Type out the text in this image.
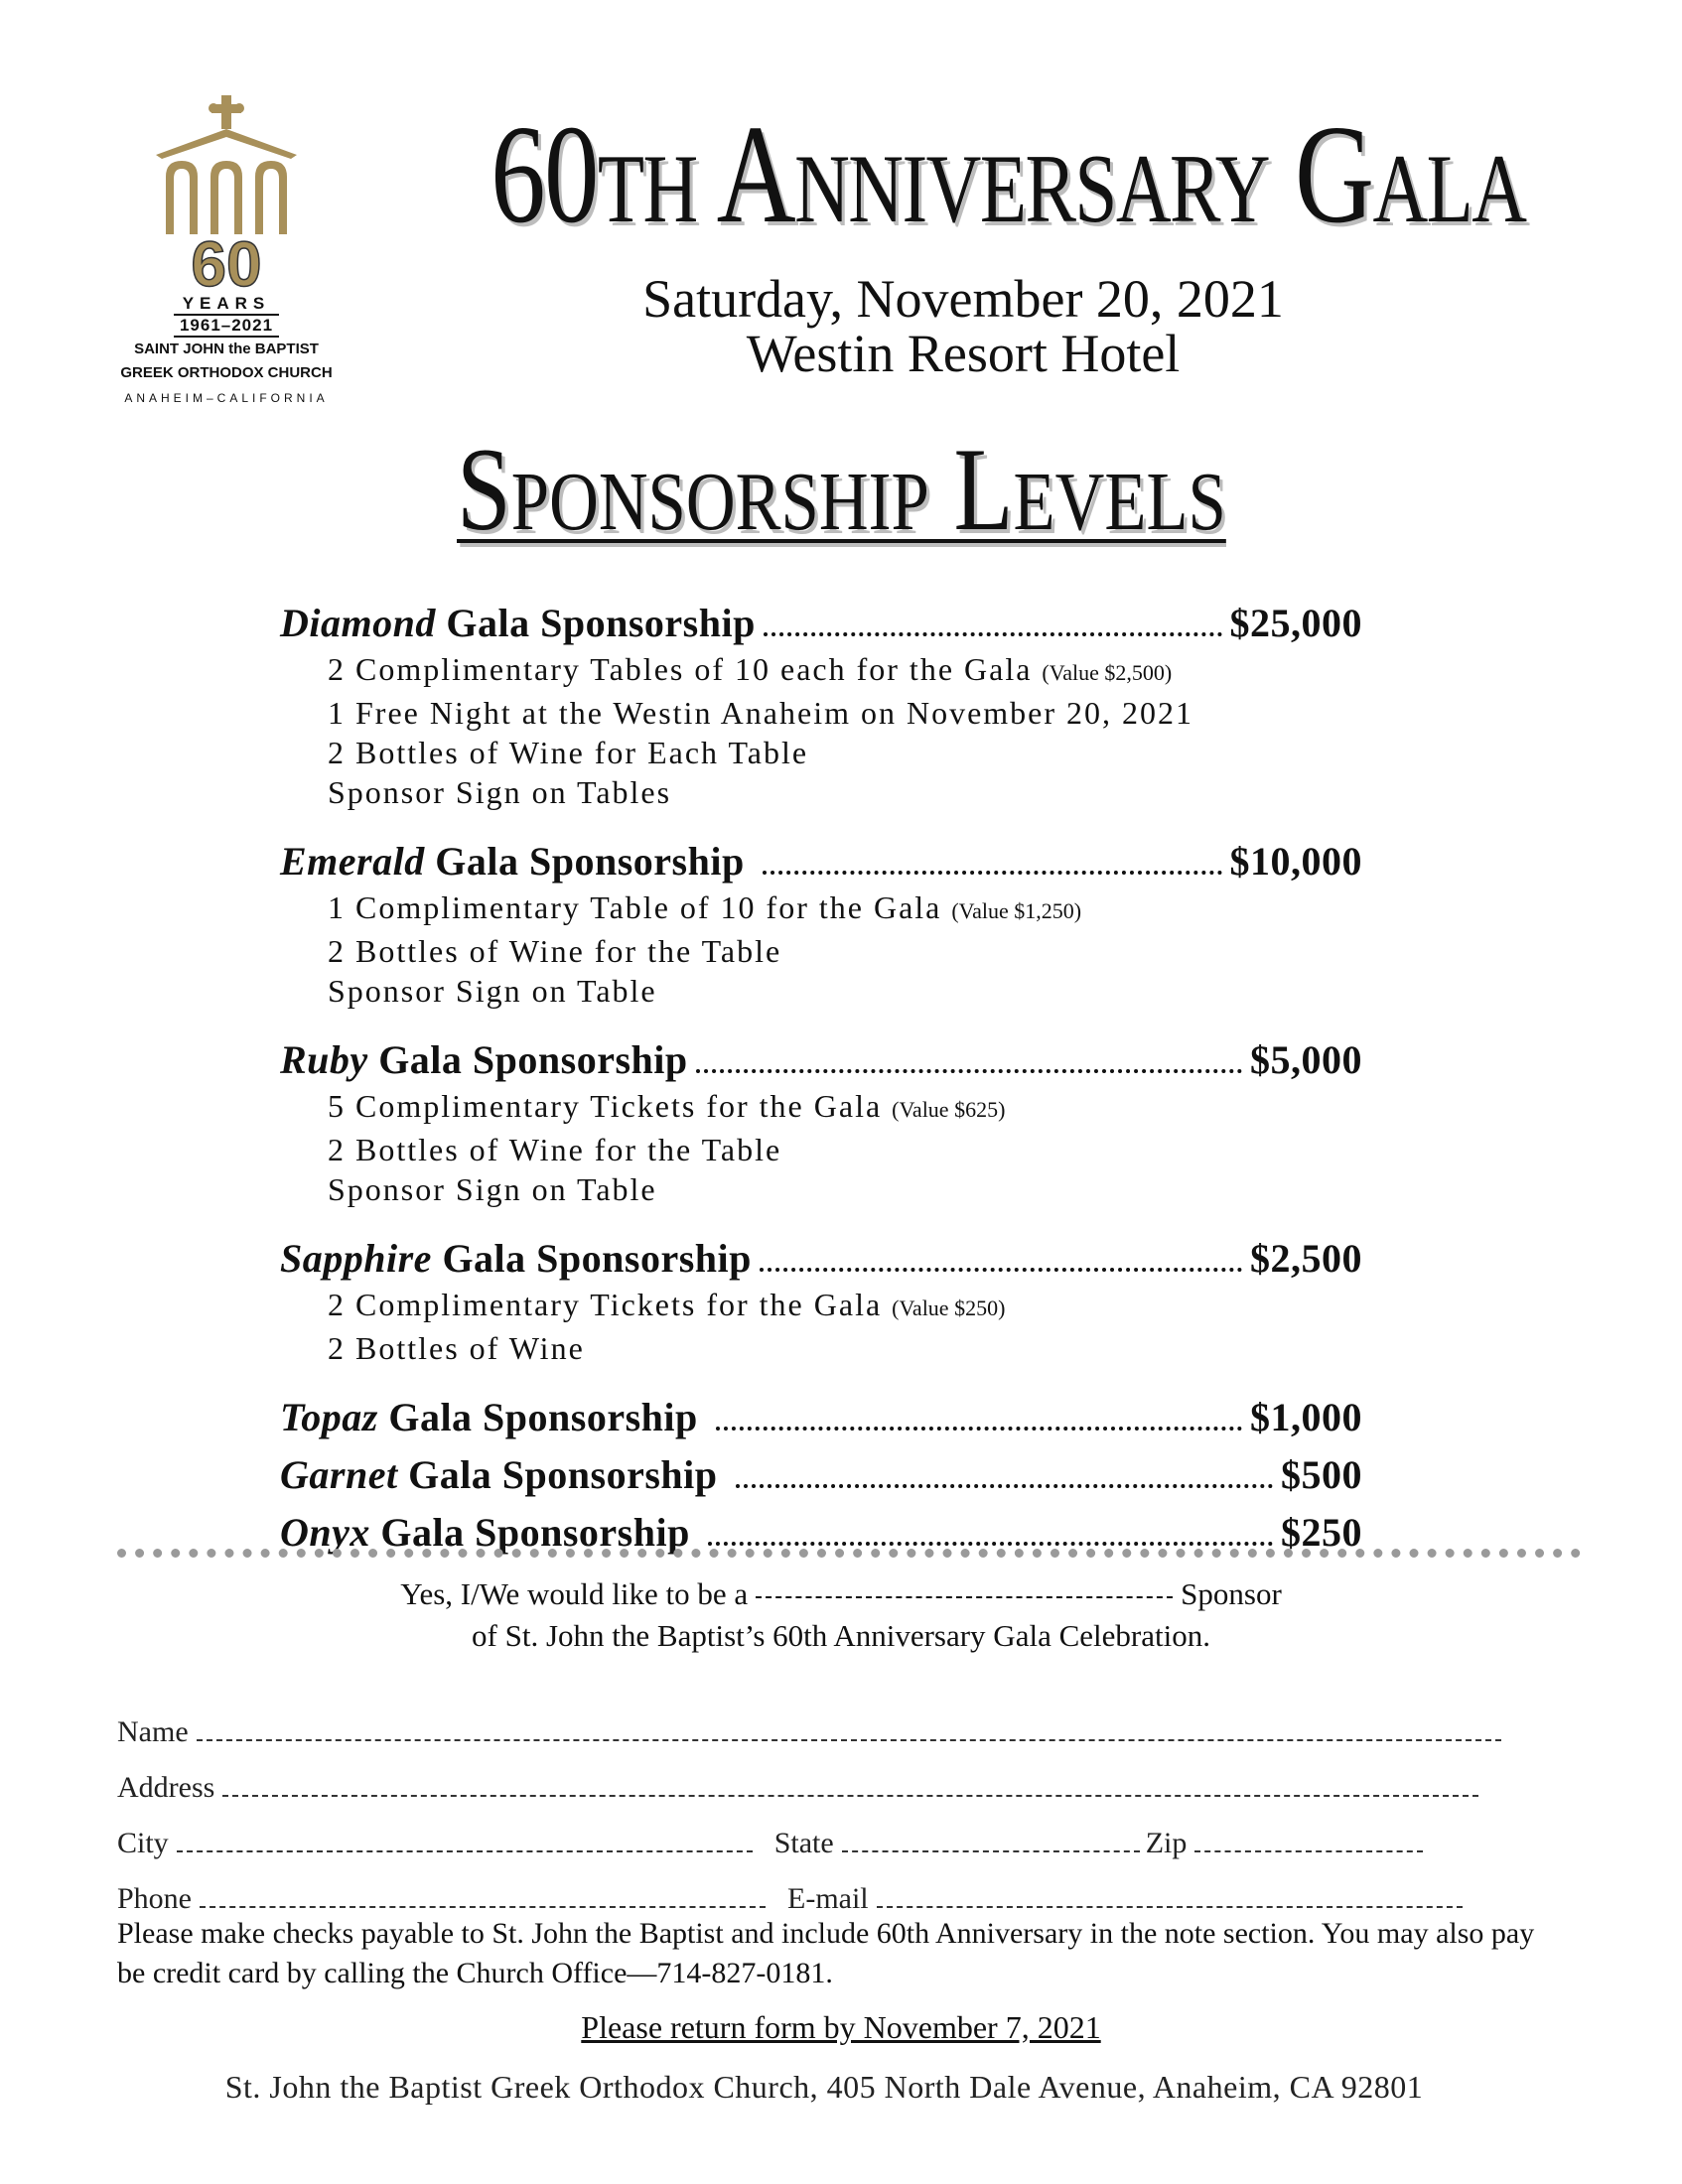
60
YEARS
1961–2021
SAINT JOHN the BAPTIST
GREEK ORTHODOX CHURCH
ANAHEIM–CALIFORNIA
60th Anniversary Gala
Saturday, November 20, 2021
Westin Resort Hotel
Sponsorship Levels
Diamond Gala Sponsorship	$25,000
2 Complimentary Tables of 10 each for the Gala (Value $2,500)
1 Free Night at the Westin Anaheim on November 20, 2021
2 Bottles of Wine for Each Table
Sponsor Sign on Tables
Emerald Gala Sponsorship	$10,000
1 Complimentary Table of 10 for the Gala (Value $1,250)
2 Bottles of Wine for the Table
Sponsor Sign on Table
Ruby Gala Sponsorship	$5,000
5 Complimentary Tickets for the Gala (Value $625)
2 Bottles of Wine for the Table
Sponsor Sign on Table
Sapphire Gala Sponsorship	$2,500
2 Complimentary Tickets for the Gala (Value $250)
2 Bottles of Wine
Topaz Gala Sponsorship	$1,000
Garnet Gala Sponsorship	$500
Onyx Gala Sponsorship	$250
Yes, I/We would like to be a	Sponsor
of St. John the Baptist’s 60th Anniversary Gala Celebration.
Name
Address
City	State	Zip
Phone	E-mail
Please make checks payable to St. John the Baptist and include 60th Anniversary in the note section. You may also pay be credit card by calling the Church Office—714-827-0181.
Please return form by November 7, 2021
St. John the Baptist Greek Orthodox Church, 405 North Dale Avenue, Anaheim, CA 92801
